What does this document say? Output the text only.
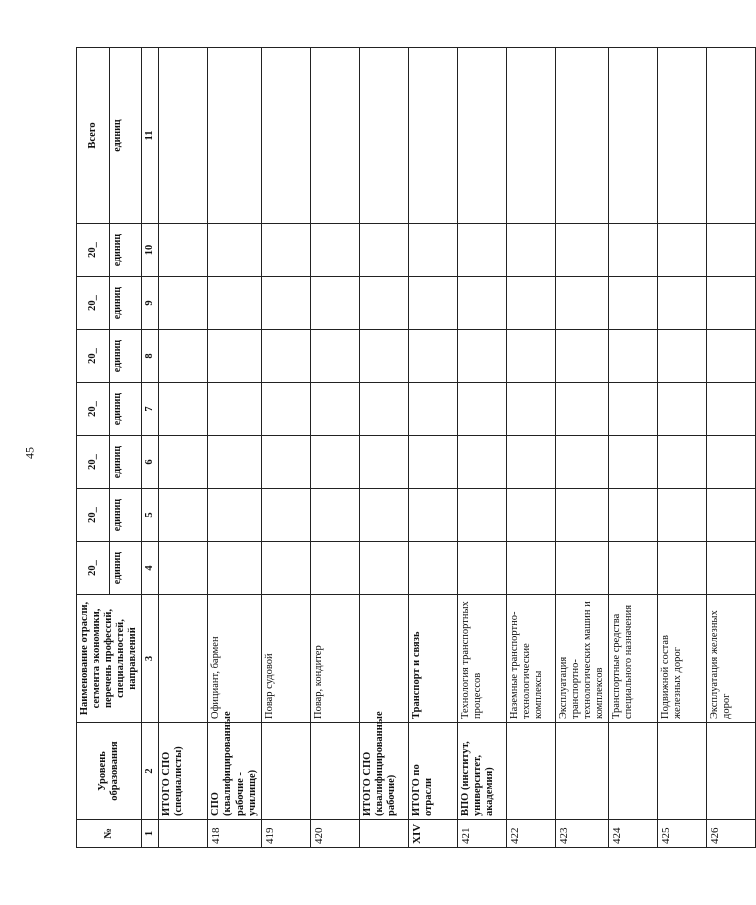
45
№	Уровень образования	Наименование отрасли, сегмента экономики, перечень профессий, специальностей, направлений	20_	20_	20_	20_	20_	20_	20_	Всего
			единиц	единиц	единиц	единиц	единиц	единиц	единиц	единиц
1	2	3	4	5	6	7	8	9	10	11
	ИТОГО СПО (специалисты)									
418	СПО (квалифицированные рабочие - училище)	Официант, бармен								
419		Повар судовой								
420		Повар, кондитер								
	ИТОГО СПО (квалифицированные рабочие)									
XIV	ИТОГО по отрасли	Транспорт и связь								
421	ВПО (институт, университет, академия)	Технология транспортных процессов								
422		Наземные транспортно-технологические комплексы								
423		Эксплуатация транспортно-технологических машин и комплексов								
424		Транспортные средства специального назначения								
425		Подвижной состав железных дорог								
426		Эксплуатация железных дорог								
